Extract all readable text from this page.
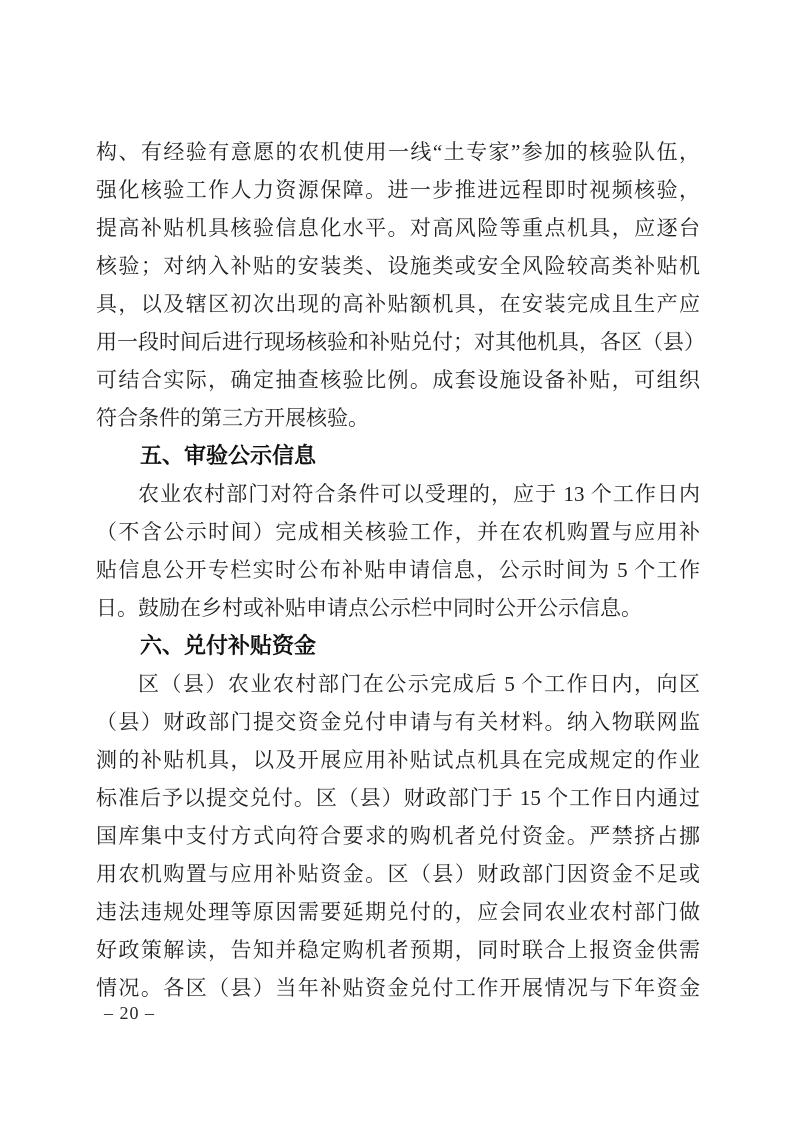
构、有经验有意愿的农机使用一线“土专家”参加的核验队伍，

强化核验工作人力资源保障。进一步推进远程即时视频核验，

提高补贴机具核验信息化水平。对高风险等重点机具，应逐台

核验；对纳入补贴的安装类、设施类或安全风险较高类补贴机

具，以及辖区初次出现的高补贴额机具，在安装完成且生产应

用一段时间后进行现场核验和补贴兑付；对其他机具，各区（县）

可结合实际，确定抽查核验比例。成套设施设备补贴，可组织

符合条件的第三方开展核验。

五、审验公示信息

农业农村部门对符合条件可以受理的，应于 13 个工作日内

（不含公示时间）完成相关核验工作，并在农机购置与应用补

贴信息公开专栏实时公布补贴申请信息，公示时间为 5 个工作

日。鼓励在乡村或补贴申请点公示栏中同时公开公示信息。

六、兑付补贴资金

区（县）农业农村部门在公示完成后 5 个工作日内，向区

（县）财政部门提交资金兑付申请与有关材料。纳入物联网监

测的补贴机具，以及开展应用补贴试点机具在完成规定的作业

标准后予以提交兑付。区（县）财政部门于 15 个工作日内通过

国库集中支付方式向符合要求的购机者兑付资金。严禁挤占挪

用农机购置与应用补贴资金。区（县）财政部门因资金不足或

违法违规处理等原因需要延期兑付的，应会同农业农村部门做

好政策解读，告知并稳定购机者预期，同时联合上报资金供需

情况。各区（县）当年补贴资金兑付工作开展情况与下年资金

– 20 –
